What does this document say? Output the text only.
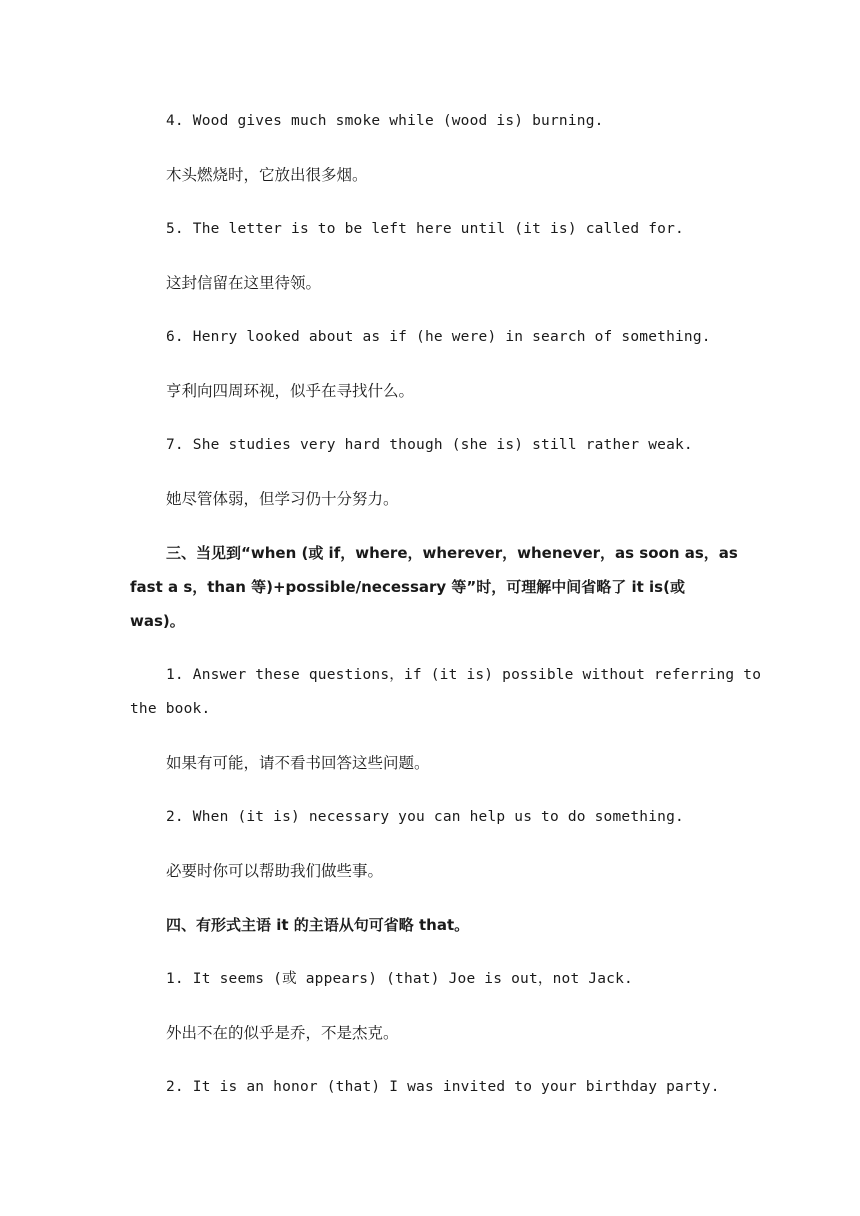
4. Wood gives much smoke while (wood is) burning.
木头燃烧时，它放出很多烟。
5. The letter is to be left here until (it is) called for.
这封信留在这里待领。
6. Henry looked about as if (he were) in search of something.
亨利向四周环视，似乎在寻找什么。
7. She studies very hard though (she is) still rather weak.
她尽管体弱，但学习仍十分努力。
三、当见到“when (或 if，where，wherever，whenever，as soon as，as
fast a s，than 等)+possible/necessary 等”时，可理解中间省略了 it is(或
was)。
1. Answer these questions，if (it is) possible without referring to
the book.
如果有可能，请不看书回答这些问题。
2. When (it is) necessary you can help us to do something.
必要时你可以帮助我们做些事。
四、有形式主语 it 的主语从句可省略 that。
1. It seems (或 appears) (that) Joe is out，not Jack.
外出不在的似乎是乔，不是杰克。
2. It is an honor (that) I was invited to your birthday party.
